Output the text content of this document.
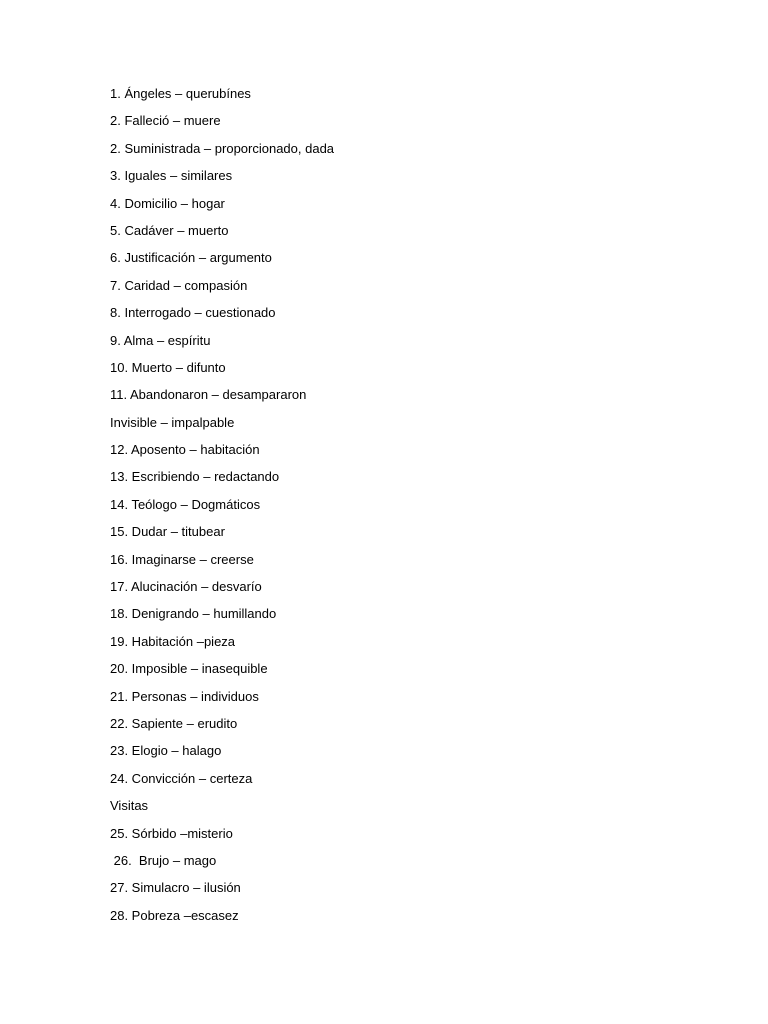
1. Ángeles – querubínes
2. Falleció – muere
2. Suministrada – proporcionado, dada
3. Iguales – similares
4. Domicilio – hogar
5. Cadáver – muerto
6. Justificación – argumento
7. Caridad – compasión
8. Interrogado – cuestionado
9. Alma – espíritu
10. Muerto – difunto
11. Abandonaron – desampararon
Invisible – impalpable
12. Aposento – habitación
13. Escribiendo – redactando
14. Teólogo – Dogmáticos
15. Dudar – titubear
16. Imaginarse – creerse
17. Alucinación – desvarío
18. Denigrando – humillando
19. Habitación –pieza
20. Imposible – inasequible
21. Personas – individuos
22. Sapiente – erudito
23. Elogio – halago
24. Convicción – certeza
Visitas
25. Sórbido –misterio
26.  Brujo – mago
27. Simulacro – ilusión
28. Pobreza –escasez
